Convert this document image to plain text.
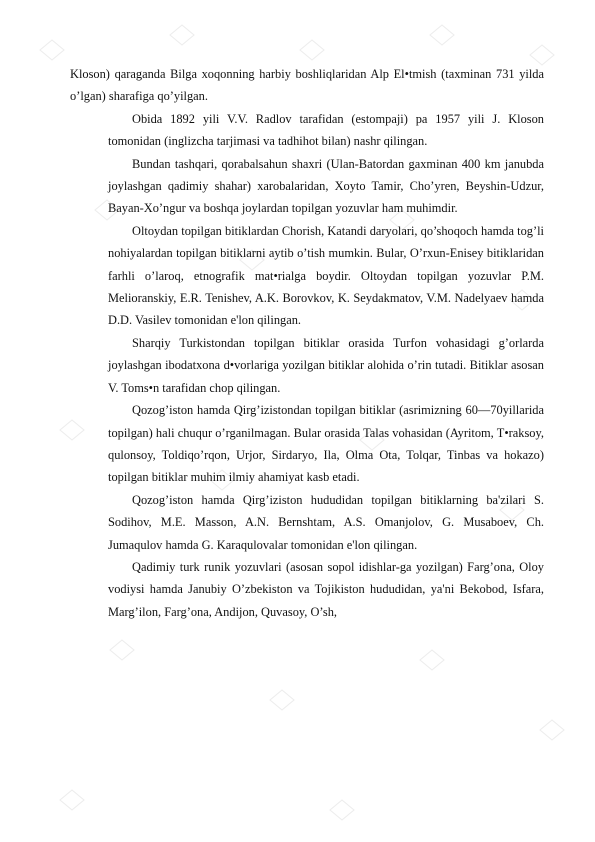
Kloson) qaraganda Bilga xoqonning harbiy boshliqlaridan Alp El•tmish (taxminan 731 yilda o’lgan) sharafiga qo’yilgan.

Obida 1892 yili V.V. Radlov tarafidan (estompaji) pa 1957 yili J. Kloson tomonidan (inglizcha tarjimasi va tadhihot bilan) nashr qilingan.

Bundan tashqari, qorabalsahun shaxri (Ulan-Batordan gaxminan 400 km janubda joylashgan qadimiy shahar) xarobalaridan, Xoyto Tamir, Cho’yren, Beyshin-Udzur, Bayan-Xo’ngur va boshqa joylardan topilgan yozuvlar ham muhimdir.

Oltoydan topilgan bitiklardan Chorish, Katandi daryolari, qo’shoqoch hamda tog’li nohiyalardan topilgan bitiklarni aytib o’tish mumkin. Bular, O’rxun-Enisey bitiklaridan farhli o’laroq, etnografik mat•rialga boydir. Oltoydan topilgan yozuvlar P.M. Melioranskiy, E.R. Tenishev, A.K. Borovkov, K. Seydakmatov, V.M. Nadelyaev hamda D.D. Vasilev tomonidan e'lon qilingan.

Sharqiy Turkistondan topilgan bitiklar orasida Turfon vohasidagi g’orlarda joylashgan ibodatxona d•vorlariga yozilgan bitiklar alohida o’rin tutadi. Bitiklar asosan V. Toms•n tarafidan chop qilingan.

Qozog’iston hamda Qirg’izistondan topilgan bitiklar (asrimizning 60—70yillarida topilgan) hali chuqur o’rganilmagan. Bular orasida Talas vohasidan (Ayritom, T•raksoy, qulonsoy, Toldiqo’rqon, Urjor, Sirdaryo, Ila, Olma Ota, Tolqar, Tinbas va hokazo) topilgan bitiklar muhim ilmiy ahamiyat kasb etadi.

Qozog’iston hamda Qirg’iziston hududidan topilgan bitiklarning ba'zilari S. Sodihov, M.E. Masson, A.N. Bernshtam, A.S. Omanjolov, G. Musaboev, Ch. Jumaqulov hamda G. Karaqulovalar tomonidan e'lon qilingan.

Qadimiy turk runik yozuvlari (asosan sopol idishlar-ga yozilgan) Farg’ona, Oloy vodiysi hamda Janubiy O’zbekiston va Tojikiston hududidan, ya'ni Bekobod, Isfara, Marg’ilon, Farg’ona, Andijon, Quvasoy, O’sh,
